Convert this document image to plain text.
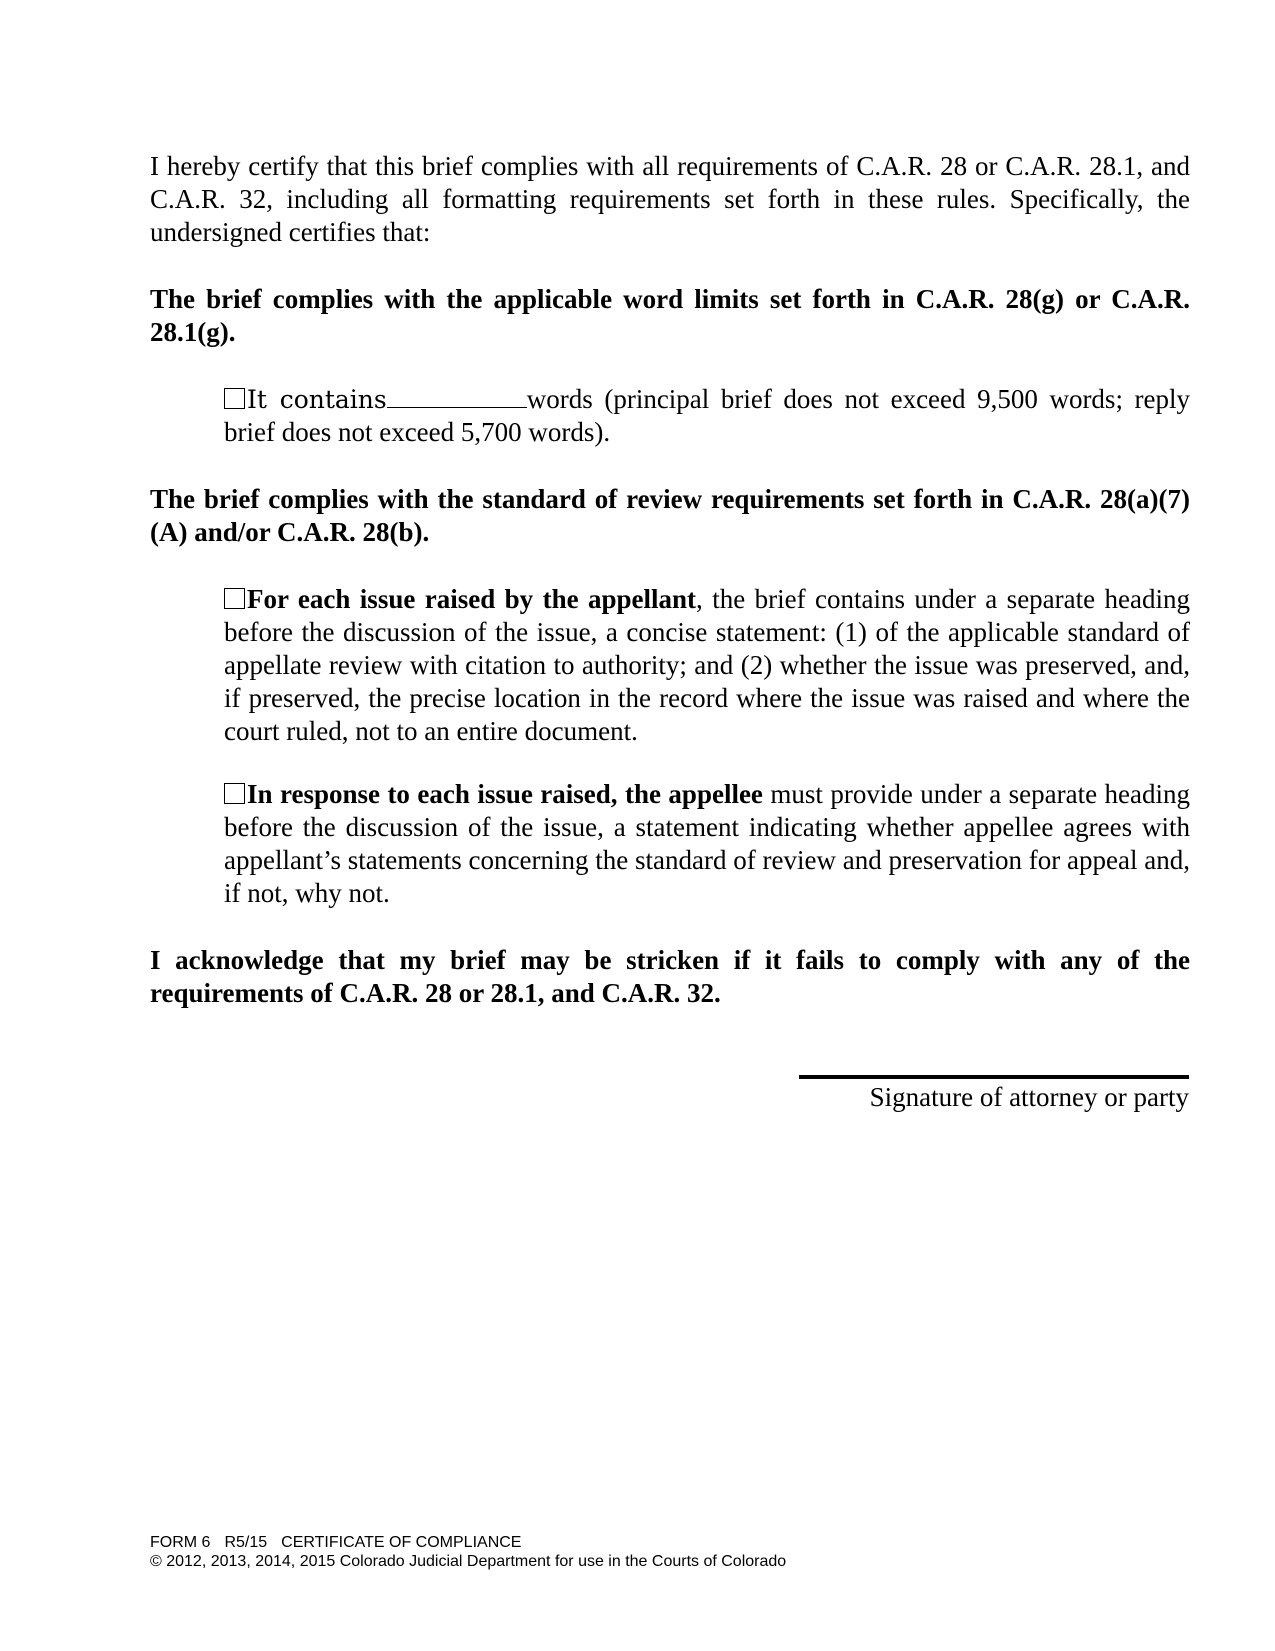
I hereby certify that this brief complies with all requirements of C.A.R. 28 or C.A.R. 28.1, and C.A.R. 32, including all formatting requirements set forth in these rules. Specifically, the undersigned certifies that:

The brief complies with the applicable word limits set forth in C.A.R. 28(g) or C.A.R. 28.1(g).

It contains	words (principal brief does not exceed 9,500 words; reply brief does not exceed 5,700 words).

The brief complies with the standard of review requirements set forth in C.A.R. 28(a)(7)(A) and/or C.A.R. 28(b).

For each issue raised by the appellant, the brief contains under a separate heading before the discussion of the issue, a concise statement: (1) of the applicable standard of appellate review with citation to authority; and (2) whether the issue was preserved, and, if preserved, the precise location in the record where the issue was raised and where the court ruled, not to an entire document.

In response to each issue raised, the appellee must provide under a separate heading before the discussion of the issue, a statement indicating whether appellee agrees with appellant’s statements concerning the standard of review and preservation for appeal and, if not, why not.

I acknowledge that my brief may be stricken if it fails to comply with any of the requirements of C.A.R. 28 or 28.1, and C.A.R. 32.

Signature of attorney or party
FORM 6 R5/15 CERTIFICATE OF COMPLIANCE
© 2012, 2013, 2014, 2015 Colorado Judicial Department for use in the Courts of Colorado
